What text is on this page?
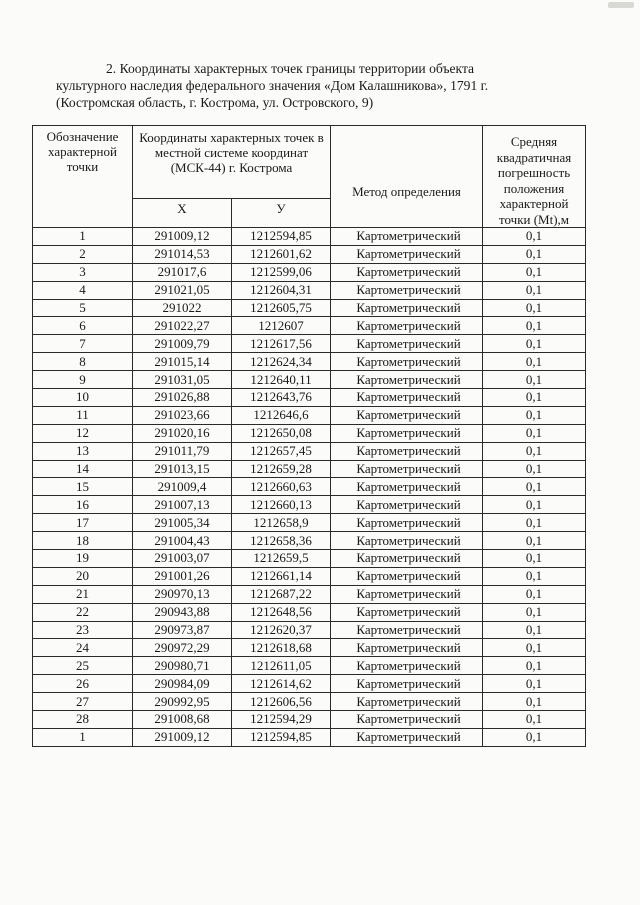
2. Координаты характерных точек границы территории объекта
культурного наследия федерального значения «Дом Калашникова», 1791 г.
(Костромская область, г. Кострома, ул. Островского, 9)
Обозначение характерной точки	Координаты характерных точек в местной системе координат (МСК-44) г. Кострома		Метод определения	Средняя квадратичная погрешность положения характерной точки (Mt),м
	Х	У		
1	291009,12	1212594,85	Картометрический	0,1
2	291014,53	1212601,62	Картометрический	0,1
3	291017,6	1212599,06	Картометрический	0,1
4	291021,05	1212604,31	Картометрический	0,1
5	291022	1212605,75	Картометрический	0,1
6	291022,27	1212607	Картометрический	0,1
7	291009,79	1212617,56	Картометрический	0,1
8	291015,14	1212624,34	Картометрический	0,1
9	291031,05	1212640,11	Картометрический	0,1
10	291026,88	1212643,76	Картометрический	0,1
11	291023,66	1212646,6	Картометрический	0,1
12	291020,16	1212650,08	Картометрический	0,1
13	291011,79	1212657,45	Картометрический	0,1
14	291013,15	1212659,28	Картометрический	0,1
15	291009,4	1212660,63	Картометрический	0,1
16	291007,13	1212660,13	Картометрический	0,1
17	291005,34	1212658,9	Картометрический	0,1
18	291004,43	1212658,36	Картометрический	0,1
19	291003,07	1212659,5	Картометрический	0,1
20	291001,26	1212661,14	Картометрический	0,1
21	290970,13	1212687,22	Картометрический	0,1
22	290943,88	1212648,56	Картометрический	0,1
23	290973,87	1212620,37	Картометрический	0,1
24	290972,29	1212618,68	Картометрический	0,1
25	290980,71	1212611,05	Картометрический	0,1
26	290984,09	1212614,62	Картометрический	0,1
27	290992,95	1212606,56	Картометрический	0,1
28	291008,68	1212594,29	Картометрический	0,1
1	291009,12	1212594,85	Картометрический	0,1
